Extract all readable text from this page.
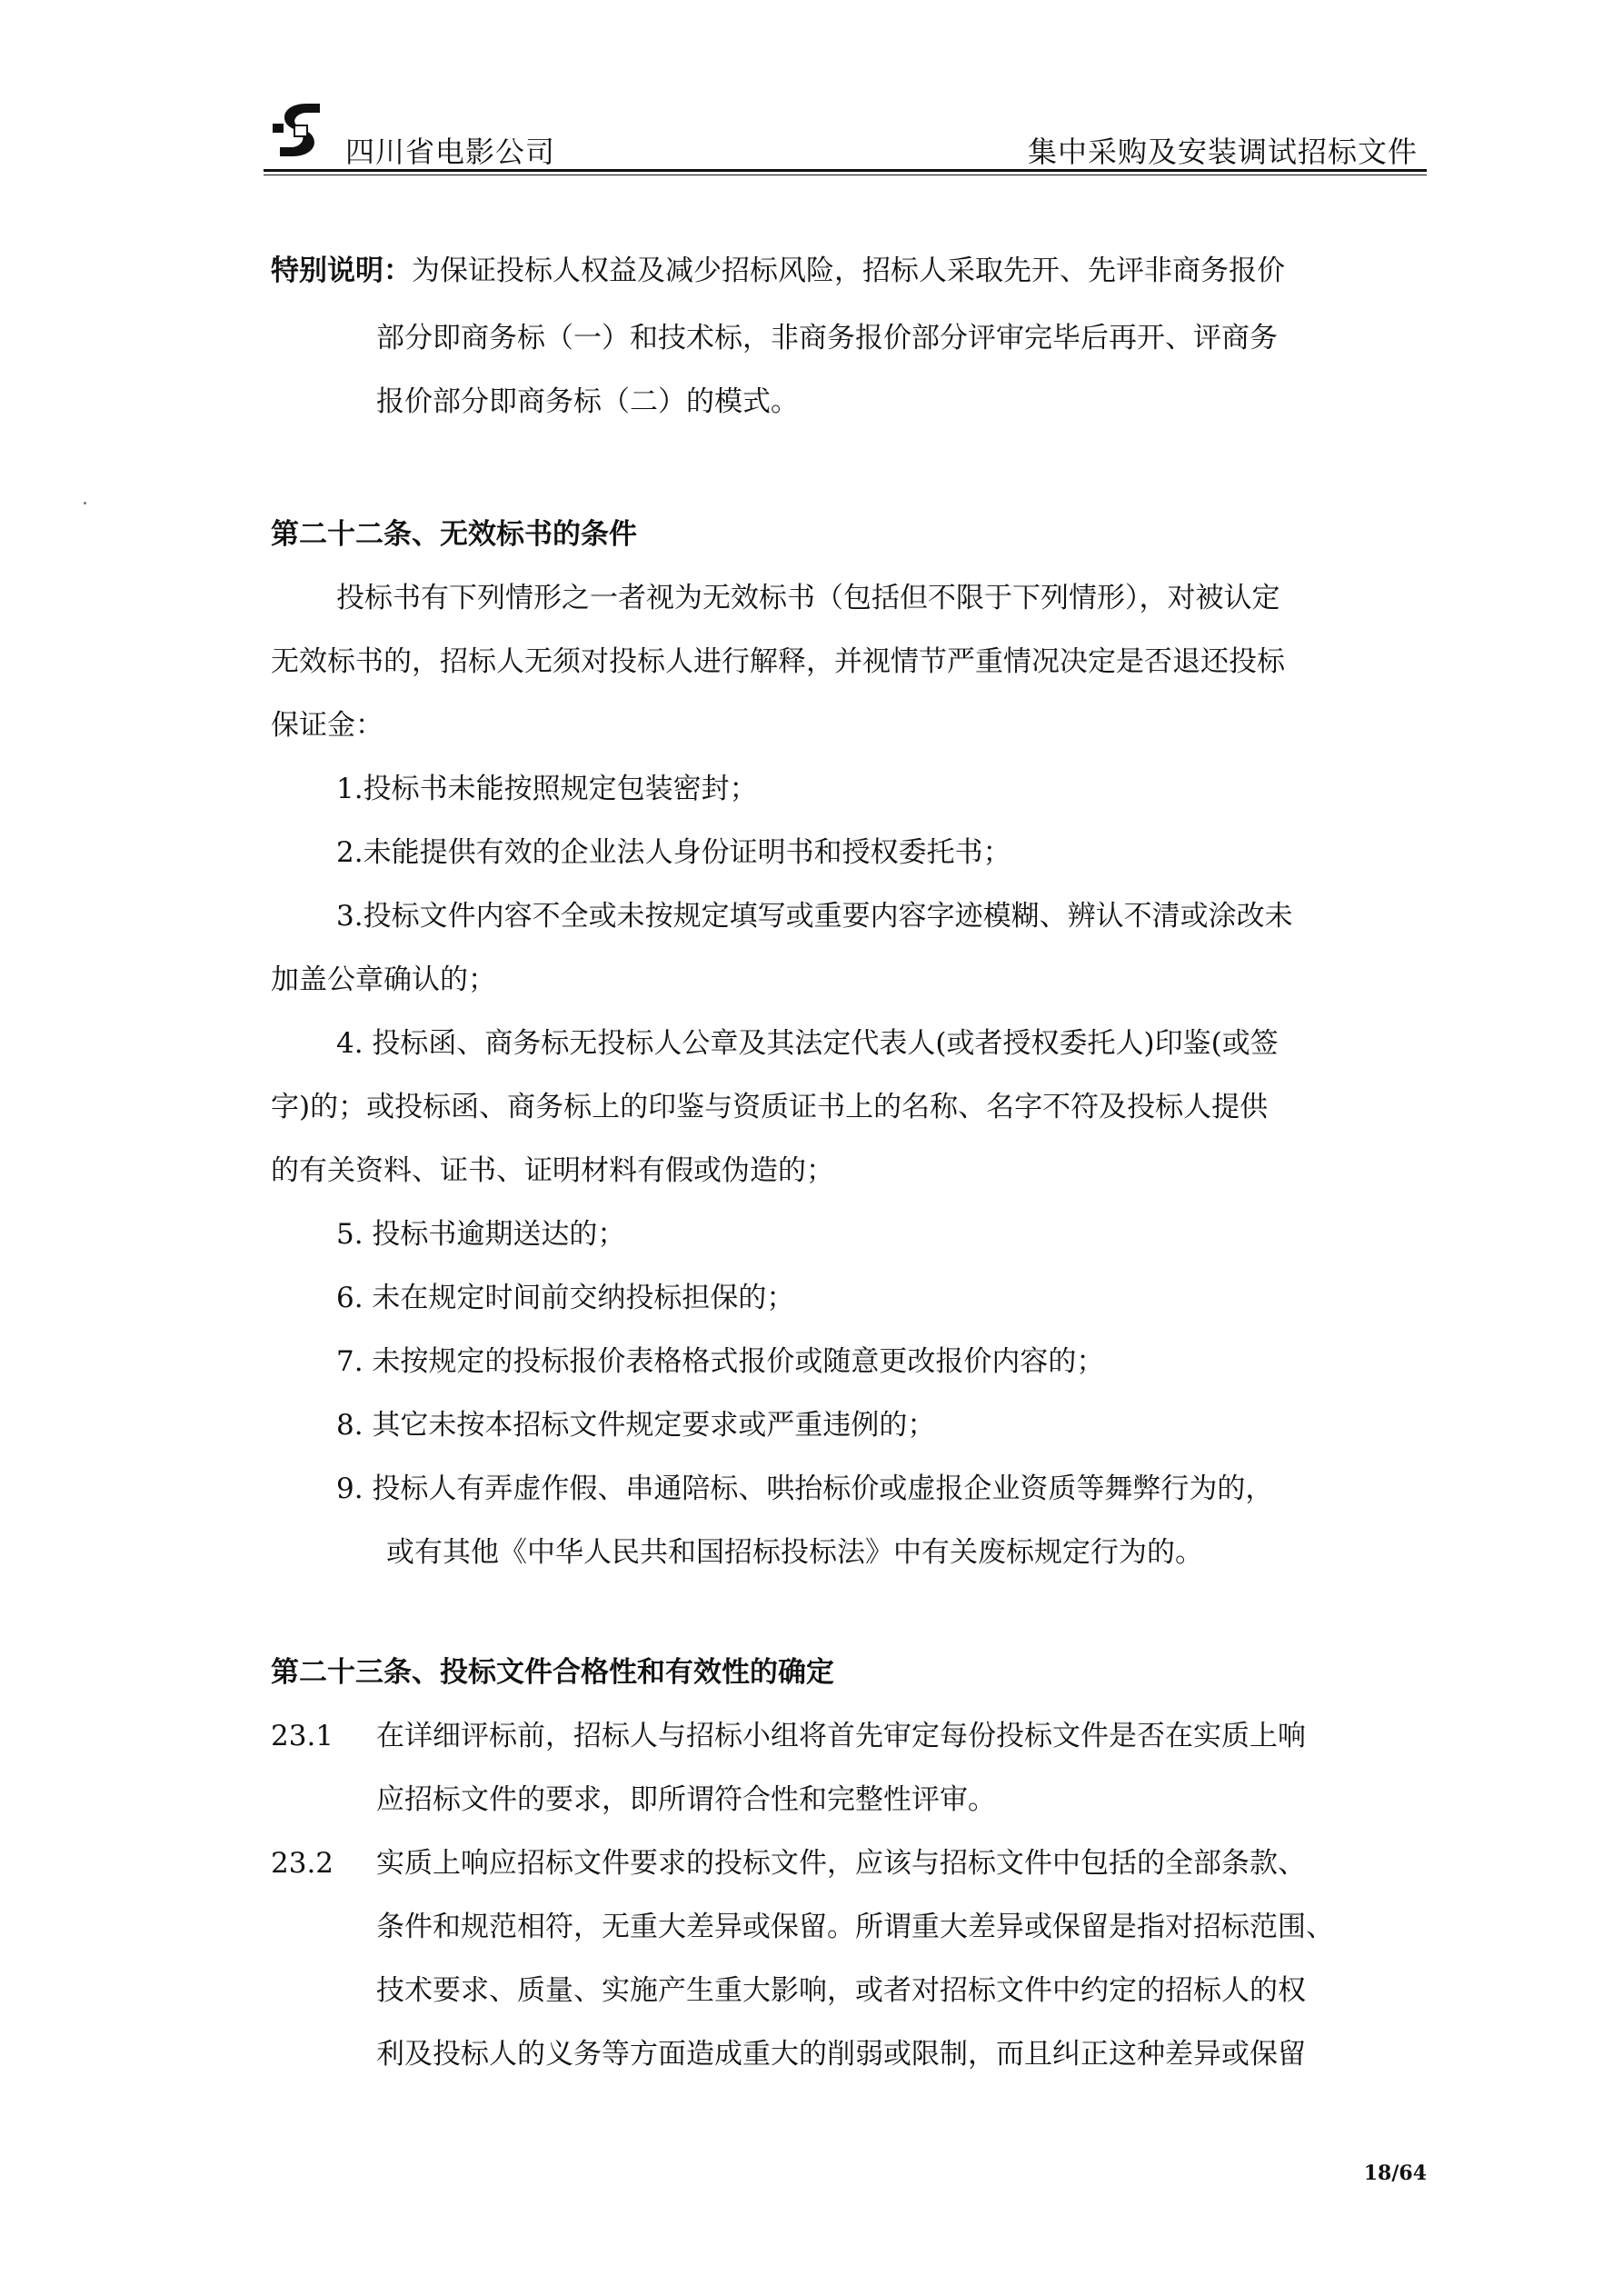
四川省电影公司	集中采购及安装调试招标文件
特别说明：为保证投标人权益及减少招标风险，招标人采取先开、先评非商务报价
部分即商务标（一）和技术标，非商务报价部分评审完毕后再开、评商务
报价部分即商务标（二）的模式。
第二十二条、无效标书的条件
投标书有下列情形之一者视为无效标书（包括但不限于下列情形），对被认定
无效标书的，招标人无须对投标人进行解释，并视情节严重情况决定是否退还投标
保证金：
1.投标书未能按照规定包装密封；
2.未能提供有效的企业法人身份证明书和授权委托书；
3.投标文件内容不全或未按规定填写或重要内容字迹模糊、辨认不清或涂改未
加盖公章确认的；
4. 投标函、商务标无投标人公章及其法定代表人(或者授权委托人)印鉴(或签
字)的；或投标函、商务标上的印鉴与资质证书上的名称、名字不符及投标人提供
的有关资料、证书、证明材料有假或伪造的；
5. 投标书逾期送达的；
6. 未在规定时间前交纳投标担保的；
7. 未按规定的投标报价表格格式报价或随意更改报价内容的；
8. 其它未按本招标文件规定要求或严重违例的；
9. 投标人有弄虚作假、串通陪标、哄抬标价或虚报企业资质等舞弊行为的，
或有其他《中华人民共和国招标投标法》中有关废标规定行为的。
第二十三条、投标文件合格性和有效性的确定
23.1 在详细评标前，招标人与招标小组将首先审定每份投标文件是否在实质上响
应招标文件的要求，即所谓符合性和完整性评审。
23.2 实质上响应招标文件要求的投标文件，应该与招标文件中包括的全部条款、
条件和规范相符，无重大差异或保留。所谓重大差异或保留是指对招标范围、
技术要求、质量、实施产生重大影响，或者对招标文件中约定的招标人的权
利及投标人的义务等方面造成重大的削弱或限制，而且纠正这种差异或保留
18/64
